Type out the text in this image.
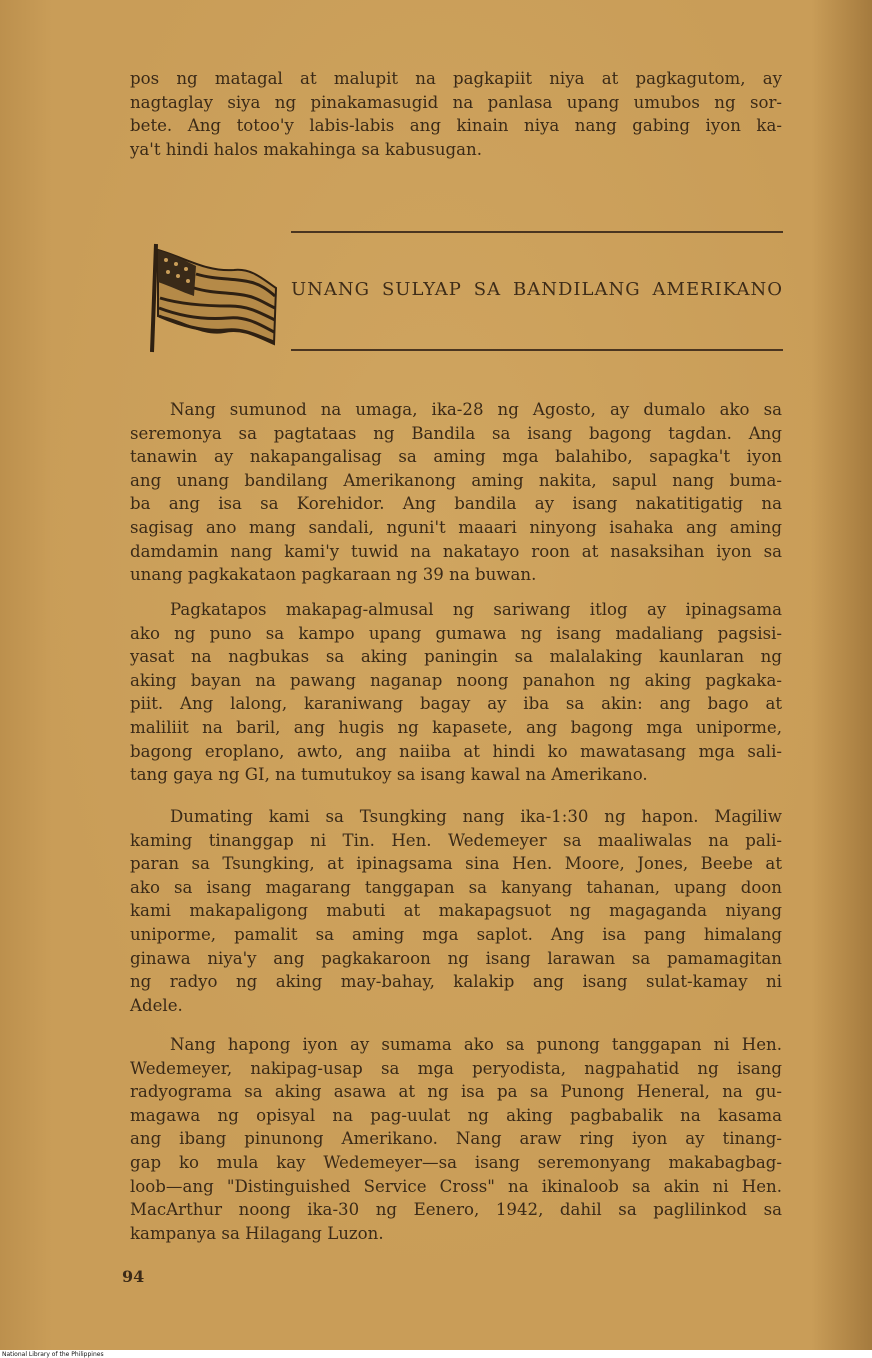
pos ng matagal at malupit na pagkapiit niya at pagkagutom, ay
nagtaglay siya ng pinakamasugid na panlasa upang umubos ng sor-
bete. Ang totoo'y labis-labis ang kinain niya nang gabing iyon ka-
ya't hindi halos makahinga sa kabusugan.
UNANG SULYAP SA BANDILANG AMERIKANO
Nang sumunod na umaga, ika-28 ng Agosto, ay dumalo ako sa
seremonya sa pagtataas ng Bandila sa isang bagong tagdan. Ang
tanawin ay nakapangalisag sa aming mga balahibo, sapagka't iyon
ang unang bandilang Amerikanong aming nakita, sapul nang buma-
ba ang isa sa Korehidor. Ang bandila ay isang nakatitigatig na
sagisag ano mang sandali, nguni't maaari ninyong isahaka ang aming
damdamin nang kami'y tuwid na nakatayo roon at nasaksihan iyon sa
unang pagkakataon pagkaraan ng 39 na buwan.
Pagkatapos makapag-almusal ng sariwang itlog ay ipinagsama
ako ng puno sa kampo upang gumawa ng isang madaliang pagsisi-
yasat na nagbukas sa aking paningin sa malalaking kaunlaran ng
aking bayan na pawang naganap noong panahon ng aking pagkaka-
piit. Ang lalong, karaniwang bagay ay iba sa akin: ang bago at
maliliit na baril, ang hugis ng kapasete, ang bagong mga uniporme,
bagong eroplano, awto, ang naiiba at hindi ko mawatasang mga sali-
tang gaya ng GI, na tumutukoy sa isang kawal na Amerikano.
Dumating kami sa Tsungking nang ika-1:30 ng hapon. Magiliw
kaming tinanggap ni Tin. Hen. Wedemeyer sa maaliwalas na pali-
paran sa Tsungking, at ipinagsama sina Hen. Moore, Jones, Beebe at
ako sa isang magarang tanggapan sa kanyang tahanan, upang doon
kami makapaligong mabuti at makapagsuot ng magaganda niyang
uniporme, pamalit sa aming mga saplot. Ang isa pang himalang
ginawa niya'y ang pagkakaroon ng isang larawan sa pamamagitan
ng radyo ng aking may-bahay, kalakip ang isang sulat-kamay ni
Adele.
Nang hapong iyon ay sumama ako sa punong tanggapan ni Hen.
Wedemeyer, nakipag-usap sa mga peryodista, nagpahatid ng isang
radyograma sa aking asawa at ng isa pa sa Punong Heneral, na gu-
magawa ng opisyal na pag-uulat ng aking pagbabalik na kasama
ang ibang pinunong Amerikano. Nang araw ring iyon ay tinang-
gap ko mula kay Wedemeyer—sa isang seremonyang makabagbag-
loob—ang "Distinguished Service Cross" na ikinaloob sa akin ni Hen.
MacArthur noong ika-30 ng Eenero, 1942, dahil sa paglilinkod sa
kampanya sa Hilagang Luzon.
94
National Library of the Philippines
